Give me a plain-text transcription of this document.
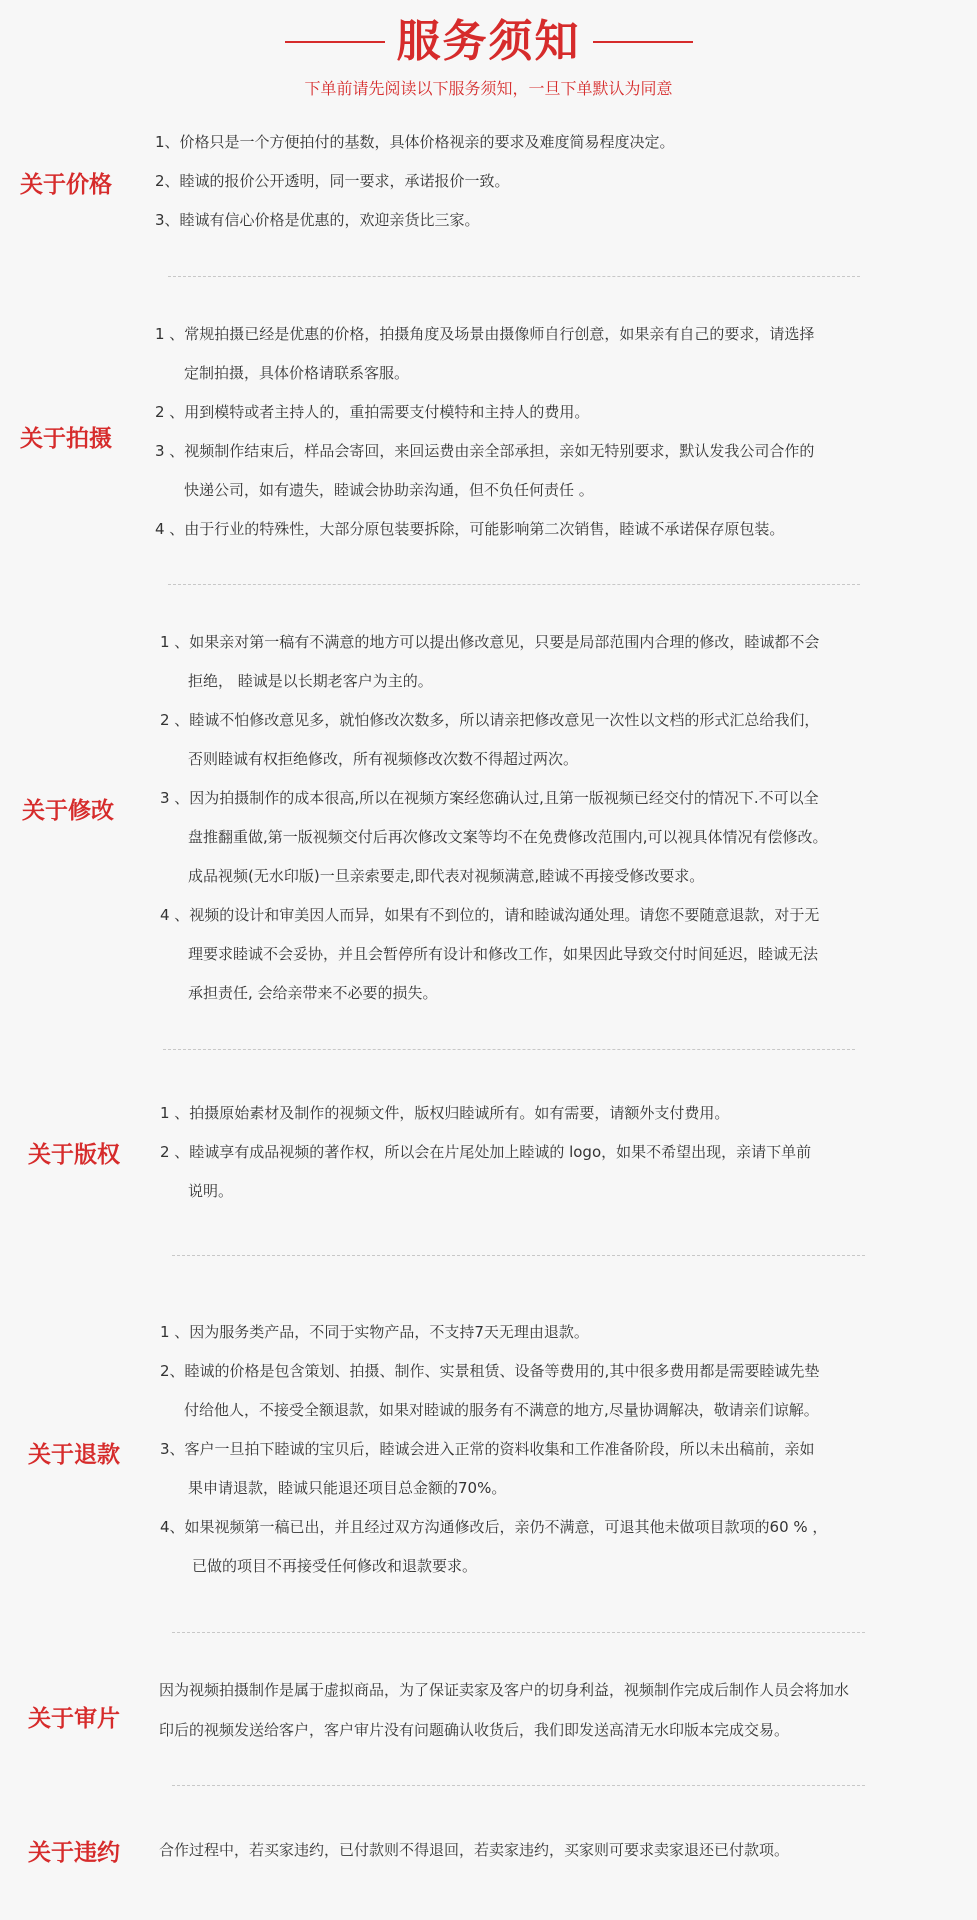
服务须知
下单前请先阅读以下服务须知，一旦下单默认为同意
关于价格
1、价格只是一个方便拍付的基数，具体价格视亲的要求及难度简易程度决定。
2、睦诚的报价公开透明，同一要求，承诺报价一致。
3、睦诚有信心价格是优惠的，欢迎亲货比三家。
关于拍摄
1 、常规拍摄已经是优惠的价格，拍摄角度及场景由摄像师自行创意，如果亲有自己的要求，请选择
定制拍摄，具体价格请联系客服。
2 、用到模特或者主持人的，重拍需要支付模特和主持人的费用。
3 、视频制作结束后，样品会寄回，来回运费由亲全部承担，亲如无特别要求，默认发我公司合作的
快递公司，如有遗失，睦诚会协助亲沟通，但不负任何责任 。
4 、由于行业的特殊性，大部分原包装要拆除，可能影响第二次销售，睦诚不承诺保存原包装。
关于修改
1 、如果亲对第一稿有不满意的地方可以提出修改意见，只要是局部范围内合理的修改，睦诚都不会
拒绝， 睦诚是以长期老客户为主的。
2 、睦诚不怕修改意见多，就怕修改次数多，所以请亲把修改意见一次性以文档的形式汇总给我们，
否则睦诚有权拒绝修改，所有视频修改次数不得超过两次。
3 、因为拍摄制作的成本很高,所以在视频方案经您确认过,且第一版视频已经交付的情况下.不可以全
盘推翻重做,第一版视频交付后再次修改文案等均不在免费修改范围内,可以视具体情况有偿修改。
成品视频(无水印版)一旦亲索要走,即代表对视频满意,睦诚不再接受修改要求。
4 、视频的设计和审美因人而异，如果有不到位的，请和睦诚沟通处理。请您不要随意退款，对于无
理要求睦诚不会妥协，并且会暂停所有设计和修改工作，如果因此导致交付时间延迟，睦诚无法
承担责任, 会给亲带来不必要的损失。
关于版权
1 、拍摄原始素材及制作的视频文件，版权归睦诚所有。如有需要，请额外支付费用。
2 、睦诚享有成品视频的著作权，所以会在片尾处加上睦诚的 logo，如果不希望出现，亲请下单前
说明。
关于退款
1 、因为服务类产品，不同于实物产品，不支持7天无理由退款。
2、睦诚的价格是包含策划、拍摄、制作、实景租赁、设备等费用的,其中很多费用都是需要睦诚先垫
付给他人，不接受全额退款，如果对睦诚的服务有不满意的地方,尽量协调解决，敬请亲们谅解。
3、客户一旦拍下睦诚的宝贝后，睦诚会进入正常的资料收集和工作准备阶段，所以未出稿前，亲如
果申请退款，睦诚只能退还项目总金额的70%。
4、如果视频第一稿已出，并且经过双方沟通修改后，亲仍不满意，可退其他未做项目款项的60 % ，
已做的项目不再接受任何修改和退款要求。
关于审片
因为视频拍摄制作是属于虚拟商品，为了保证卖家及客户的切身利益，视频制作完成后制作人员会将加水
印后的视频发送给客户，客户审片没有问题确认收货后，我们即发送高清无水印版本完成交易。
关于违约	合作过程中，若买家违约，已付款则不得退回，若卖家违约，买家则可要求卖家退还已付款项。
